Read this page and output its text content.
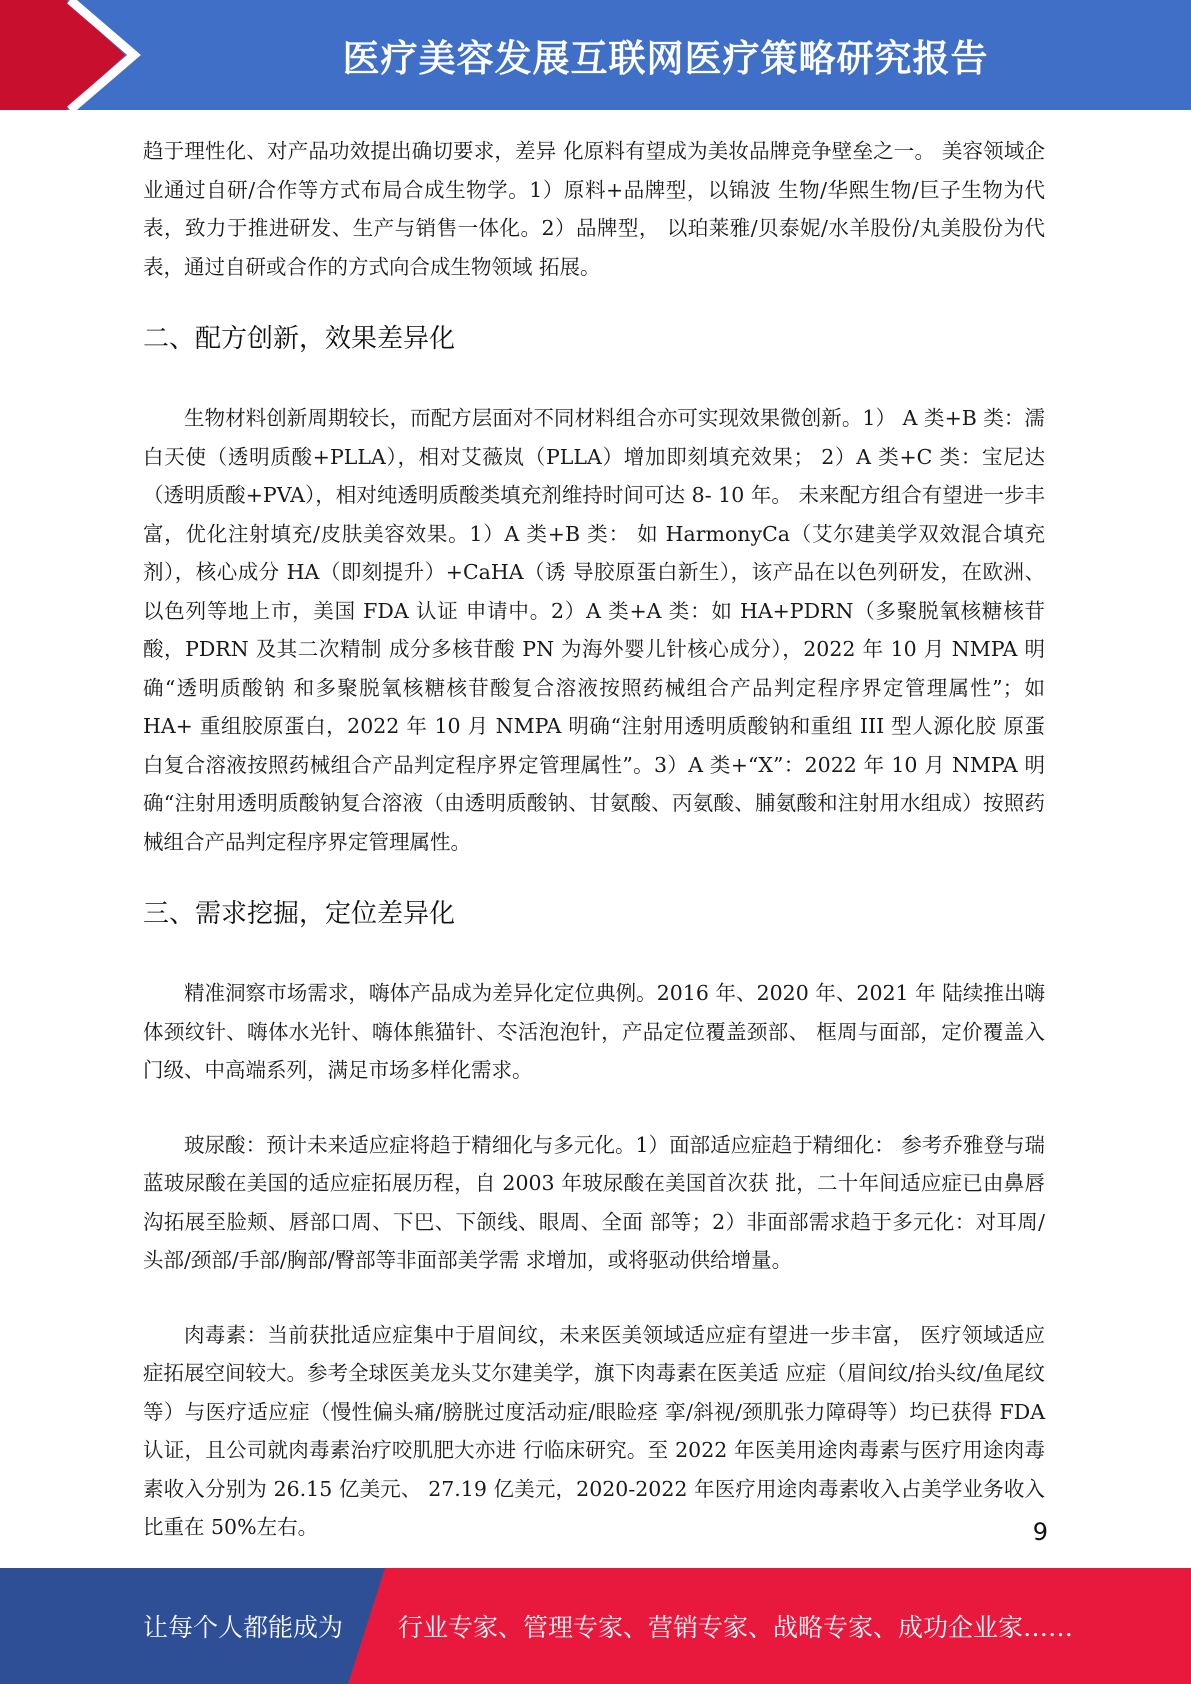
医疗美容发展互联网医疗策略研究报告

趋于理性化、对产品功效提出确切要求，差异 化原料有望成为美妆品牌竞争壁垒之一。 美容领域企业通过自研/合作等方式布局合成生物学。1）原料+品牌型，以锦波 生物/华熙生物/巨子生物为代表，致力于推进研发、生产与销售一体化。2）品牌型， 以珀莱雅/贝泰妮/水羊股份/丸美股份为代表，通过自研或合作的方式向合成生物领域 拓展。

二、配方创新，效果差异化

生物材料创新周期较长，而配方层面对不同材料组合亦可实现效果微创新。1） A 类+B 类：濡白天使（透明质酸+PLLA），相对艾薇岚（PLLA）增加即刻填充效果； 2）A 类+C 类：宝尼达（透明质酸+PVA），相对纯透明质酸类填充剂维持时间可达 8- 10 年。 未来配方组合有望进一步丰富，优化注射填充/皮肤美容效果。1）A 类+B 类： 如 HarmonyCa（艾尔建美学双效混合填充剂），核心成分 HA（即刻提升）+CaHA（诱 导胶原蛋白新生），该产品在以色列研发，在欧洲、以色列等地上市，美国 FDA 认证 申请中。2）A 类+A 类：如 HA+PDRN（多聚脱氧核糖核苷酸，PDRN 及其二次精制 成分多核苷酸 PN 为海外婴儿针核心成分），2022 年 10 月 NMPA 明确“透明质酸钠 和多聚脱氧核糖核苷酸复合溶液按照药械组合产品判定程序界定管理属性”；如 HA+ 重组胶原蛋白，2022 年 10 月 NMPA 明确“注射用透明质酸钠和重组 III 型人源化胶 原蛋白复合溶液按照药械组合产品判定程序界定管理属性”。3）A 类+“X”：2022 年 10 月 NMPA 明确“注射用透明质酸钠复合溶液（由透明质酸钠、甘氨酸、丙氨酸、脯氨酸和注射用水组成）按照药械组合产品判定程序界定管理属性。

三、需求挖掘，定位差异化

精准洞察市场需求，嗨体产品成为差异化定位典例。2016 年、2020 年、2021 年 陆续推出嗨体颈纹针、嗨体水光针、嗨体熊猫针、冭活泡泡针，产品定位覆盖颈部、 框周与面部，定价覆盖入门级、中高端系列，满足市场多样化需求。

玻尿酸：预计未来适应症将趋于精细化与多元化。1）面部适应症趋于精细化： 参考乔雅登与瑞蓝玻尿酸在美国的适应症拓展历程，自 2003 年玻尿酸在美国首次获 批，二十年间适应症已由鼻唇沟拓展至脸颊、唇部口周、下巴、下颌线、眼周、全面 部等；2）非面部需求趋于多元化：对耳周/头部/颈部/手部/胸部/臀部等非面部美学需 求增加，或将驱动供给增量。

肉毒素：当前获批适应症集中于眉间纹，未来医美领域适应症有望进一步丰富， 医疗领域适应症拓展空间较大。参考全球医美龙头艾尔建美学，旗下肉毒素在医美适 应症（眉间纹/抬头纹/鱼尾纹等）与医疗适应症（慢性偏头痛/膀胱过度活动症/眼睑痉 挛/斜视/颈肌张力障碍等）均已获得 FDA 认证，且公司就肉毒素治疗咬肌肥大亦进 行临床研究。至 2022 年医美用途肉毒素与医疗用途肉毒素收入分别为 26.15 亿美元、 27.19 亿美元，2020-2022 年医疗用途肉毒素收入占美学业务收入比重在 50%左右。	9
让每个人都能成为 行业专家、管理专家、营销专家、战略专家、成功企业家……
